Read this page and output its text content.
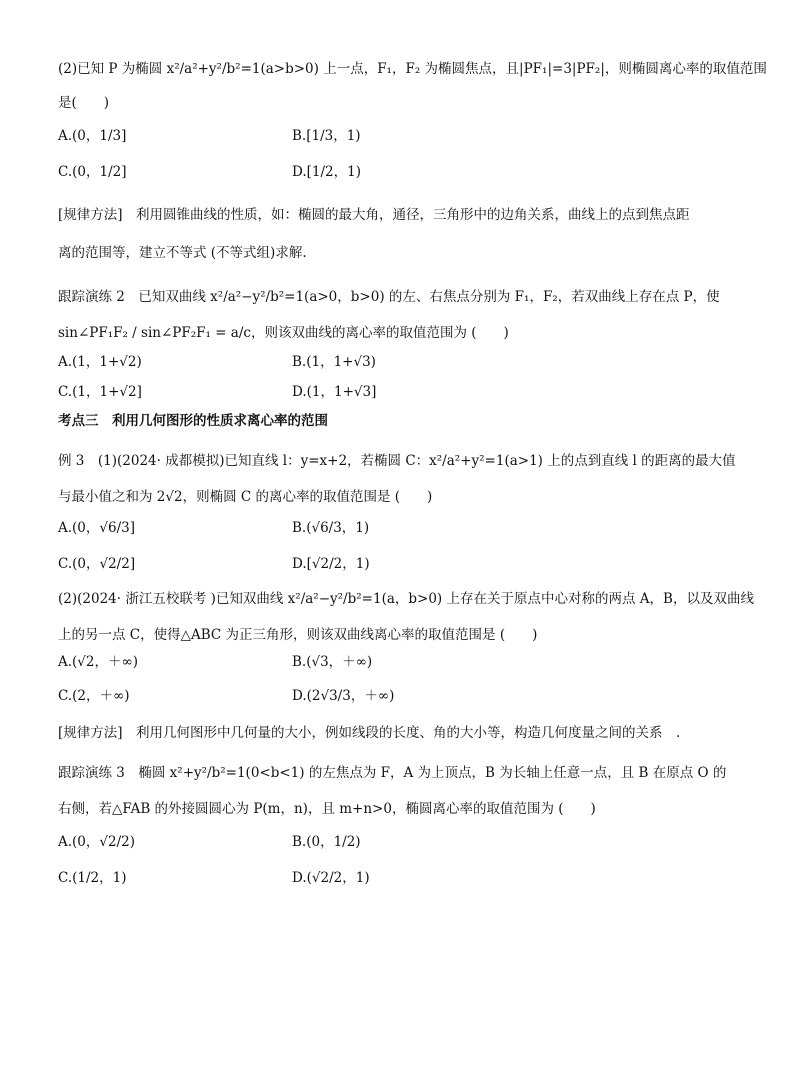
(2)已知 P 为椭圆 x²/a²+y²/b²=1(a>b>0) 上一点，F₁，F₂ 为椭圆焦点，且|PF₁|=3|PF₂|，则椭圆离心率的取值范围
是(　　)
A.(0，1/3]	B.[1/3，1)
C.(0，1/2]	D.[1/2，1)
[规律方法]　利用圆锥曲线的性质，如：椭圆的最大角，通径，三角形中的边角关系，曲线上的点到焦点距
离的范围等，建立不等式 (不等式组)求解.
跟踪演练 2　已知双曲线 x²/a²−y²/b²=1(a>0，b>0) 的左、右焦点分别为 F₁，F₂，若双曲线上存在点 P，使
sin∠PF₁F₂ / sin∠PF₂F₁ = a/c，则该双曲线的离心率的取值范围为 (　　)
A.(1，1+√2)	B.(1，1+√3)
C.(1，1+√2]	D.(1，1+√3]
考点三　利用几何图形的性质求离心率的范围
例 3　(1)(2024· 成都模拟)已知直线 l：y=x+2，若椭圆 C：x²/a²+y²=1(a>1) 上的点到直线 l 的距离的最大值
与最小值之和为 2√2，则椭圆 C 的离心率的取值范围是 (　　)
A.(0，√6/3]	B.(√6/3，1)
C.(0，√2/2]	D.[√2/2，1)
(2)(2024· 浙江五校联考 )已知双曲线 x²/a²−y²/b²=1(a，b>0) 上存在关于原点中心对称的两点 A，B，以及双曲线
上的另一点 C，使得△ABC 为正三角形，则该双曲线离心率的取值范围是 (　　)
A.(√2，＋∞)	B.(√3，＋∞)
C.(2，＋∞)	D.(2√3/3，＋∞)
[规律方法]　利用几何图形中几何量的大小，例如线段的长度、角的大小等，构造几何度量之间的关系　.
跟踪演练 3　椭圆 x²+y²/b²=1(0<b<1) 的左焦点为 F，A 为上顶点，B 为长轴上任意一点，且 B 在原点 O 的
右侧，若△FAB 的外接圆圆心为 P(m，n)，且 m+n>0，椭圆离心率的取值范围为 (　　)
A.(0，√2/2)	B.(0，1/2)
C.(1/2，1)	D.(√2/2，1)
